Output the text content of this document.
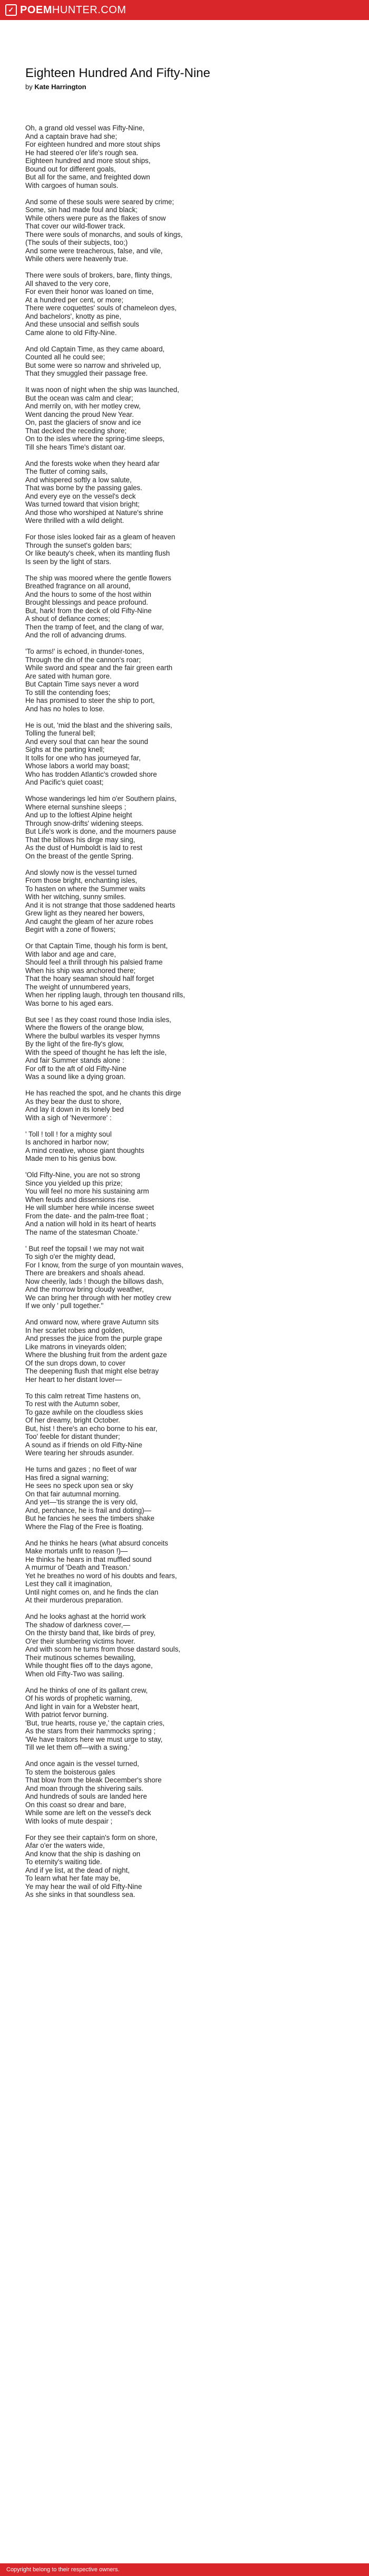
✓ POEM HUNTER.COM
Eighteen Hundred And Fifty-Nine

by Kate Harrington

Oh, a grand old vessel was Fifty-Nine,
And a captain brave had she;
For eighteen hundred and more stout ships
He had steered o'er life's rough sea.
Eighteen hundred and more stout ships,
Bound out for different goals,
But all for the same, and freighted down
With cargoes of human souls.
And some of these souls were seared by crime;
Some, sin had made foul and black;
While others were pure as the flakes of snow
That cover our wild-flower track.
There were souls of monarchs, and souls of kings,
(The souls of their subjects, too;)
And some were treacherous, false, and vile,
While others were heavenly true.
There were souls of brokers, bare, flinty things,
All shaved to the very core,
For even their honor was loaned on time,
At a hundred per cent, or more;
There were coquettes' souls of chameleon dyes,
And bachelors', knotty as pine,
And these unsocial and selfish souls
Came alone to old Fifty-Nine.
And old Captain Time, as they came aboard,
Counted all he could see;
But some were so narrow and shriveled up,
That they smuggled their passage free.
It was noon of night when the ship was launched,
But the ocean was calm and clear;
And merrily on, with her motley crew,
Went dancing the proud New Year.
On, past the glaciers of snow and ice
That decked the receding shore;
On to the isles where the spring-time sleeps,
Till she hears Time's distant oar.
And the forests woke when they heard afar
The flutter of coming sails,
And whispered softly a low salute,
That was borne by the passing gales.
And every eye on the vessel's deck
Was turned toward that vision bright;
And those who worshiped at Nature's shrine
Were thrilled with a wild delight.
For those isles looked fair as a gleam of heaven
Through the sunset's golden bars;
Or like beauty's cheek, when its mantling flush
Is seen by the light of stars.
The ship was moored where the gentle flowers
Breathed fragrance on all around,
And the hours to some of the host within
Brought blessings and peace profound.
But, hark! from the deck of old Fifty-Nine
A shout of defiance comes;
Then the tramp of feet, and the clang of war,
And the roll of advancing drums.
'To arms!' is echoed, in thunder-tones,
Through the din of the cannon's roar;
While sword and spear and the fair green earth
Are sated with human gore.
But Captain Time says never a word
To still the contending foes;
He has promised to steer the ship to port,
And has no holes to lose.
He is out, 'mid the blast and the shivering sails,
Tolling the funeral bell;
And every soul that can hear the sound
Sighs at the parting knell;
It tolls for one who has journeyed far,
Whose labors a world may boast;
Who has trodden Atlantic's crowded shore
And Pacific's quiet coast;
Whose wanderings led him o'er Southern plains,
Where eternal sunshine sleeps ;
And up to the loftiest Alpine height
Through snow-drifts' widening steeps.
But Life's work is done, and the mourners pause
That the billows his dirge may sing,
As the dust of Humboldt is laid to rest
On the breast of the gentle Spring.
And slowly now is the vessel turned
From those bright, enchanting isles,
To hasten on where the Summer waits
With her witching, sunny smiles.
And it is not strange that those saddened hearts
Grew light as they neared her bowers,
And caught the gleam of her azure robes
Begirt with a zone of flowers;
Or that Captain Time, though his form is bent,
With labor and age and care,
Should feel a thrill through his palsied frame
When his ship was anchored there;
That the hoary seaman should half forget
The weight of unnumbered years,
When her rippling laugh, through ten thousand rills,
Was borne to his aged ears.
But see ! as they coast round those India isles,
Where the flowers of the orange blow,
Where the bulbul warbles its vesper hymns
By the light of the fire-fly's glow,
With the speed of thought he has left the isle,
And fair Summer stands alone :
For off to the aft of old Fifty-Nine
Was a sound like a dying groan.
He has reached the spot, and he chants this dirge
As they bear the dust to shore,
And lay it down in its lonely bed
With a sigh of 'Nevermore' :
' Toll ! toll ! for a mighty soul
Is anchored in harbor now;
A mind creative, whose giant thoughts
Made men to his genius bow.
'Old Fifty-Nine, you are not so strong
Since you yielded up this prize;
You will feel no more his sustaining arm
When feuds and dissensions rise.
He will slumber here while incense sweet
From the date- and the palm-tree float ;
And a nation will hold in its heart of hearts
The name of the statesman Choate.'
' But reef the topsail ! we may not wait
To sigh o'er the mighty dead,
For I know, from the surge of yon mountain waves,
There are breakers and shoals ahead.
Now cheerily, lads ! though the billows dash,
And the morrow bring cloudy weather,
We can bring her through with her motley crew
If we only ' pull together.''
And onward now, where grave Autumn sits
In her scarlet robes and golden,
And presses the juice from the purple grape
Like matrons in vineyards olden;
Where the blushing fruit from the ardent gaze
Of the sun drops down, to cover
The deepening flush that might else betray
Her heart to her distant lover—
To this calm retreat Time hastens on,
To rest with the Autumn sober,
To gaze awhile on the cloudless skies
Of her dreamy, bright October.
But, hist ! there's an echo borne to his ear,
Too' feeble for distant thunder;
A sound as if friends on old Fifty-Nine
Were tearing her shrouds asunder.
He turns and gazes ; no fleet of war
Has fired a signal warning;
He sees no speck upon sea or sky
On that fair autumnal morning.
And yet—'tis strange the is very old,
And, perchance, he is frail and doting)—
But he fancies he sees the timbers shake
Where the Flag of the Free is floating.
And he thinks he hears (what absurd conceits
Make mortals unfit to reason !)—
He thinks he hears in that muffled sound
A murmur of 'Death and Treason.'
Yet he breathes no word of his doubts and fears,
Lest they call it imagination,
Until night comes on, and he finds the clan
At their murderous preparation.
And he looks aghast at the horrid work
The shadow of darkness cover,—
On the thirsty band that, like birds of prey,
O'er their slumbering victims hover.
And with scorn he turns from those dastard souls,
Their mutinous schemes bewailing,
While thought flies off to the days agone,
When old Fifty-Two was sailing.
And he thinks of one of its gallant crew,
Of his words of prophetic warning,
And light in vain for a Webster heart,
With patriot fervor burning.
'But, true hearts, rouse ye,' the captain cries,
As the stars from their hammocks spring ;
'We have traitors here we must urge to stay,
Till we let them off—with a swing.'
And once again is the vessel turned,
To stem the boisterous gales
That blow from the bleak December's shore
And moan through the shivering sails.
And hundreds of souls are landed here
On this coast so drear and bare,
While some are left on the vessel's deck
With looks of mute despair ;
For they see their captain's form on shore,
Afar o'er the waters wide,
And know that the ship is dashing on
To eternity's waiting tide.
And if ye list, at the dead of night,
To learn what her fate may be,
Ye may hear the wail of old Fifty-Nine
As she sinks in that soundless sea.
Copyright belong to their respective owners.
